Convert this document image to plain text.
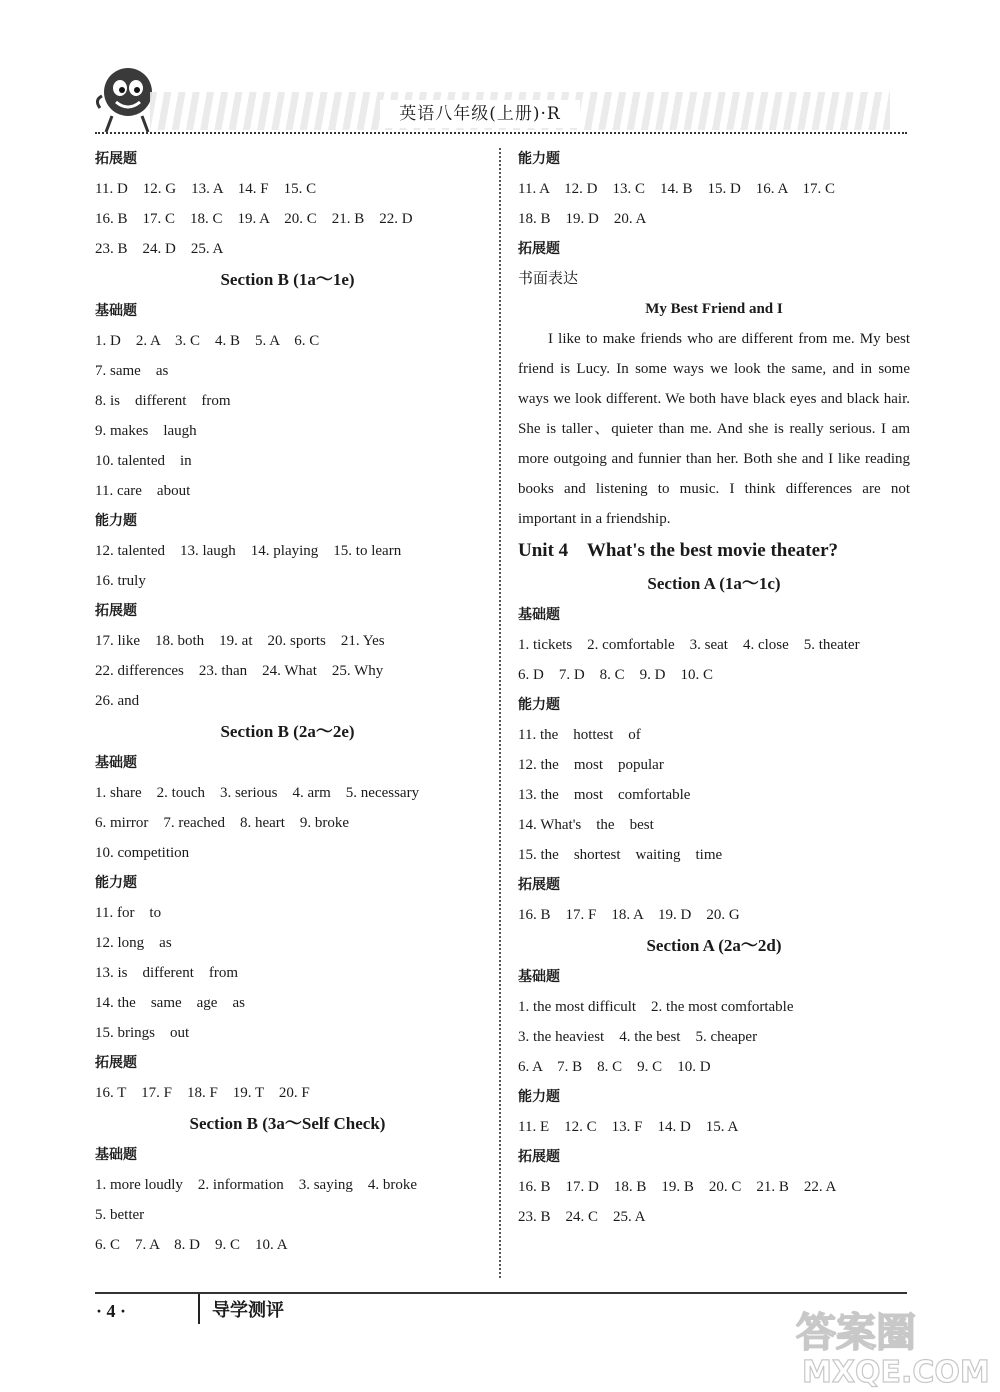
英语八年级(上册)·R
拓展题
11. D    12. G    13. A    14. F    15. C
16. B    17. C    18. C    19. A    20. C    21. B    22. D
23. B    24. D    25. A
Section B (1a～1e)
基础题
1. D    2. A    3. C    4. B    5. A    6. C
7. same    as
8. is    different    from
9. makes    laugh
10. talented    in
11. care    about
能力题
12. talented    13. laugh    14. playing    15. to learn
16. truly
拓展题
17. like    18. both    19. at    20. sports    21. Yes
22. differences    23. than    24. What    25. Why
26. and
Section B (2a～2e)
基础题
1. share    2. touch    3. serious    4. arm    5. necessary
6. mirror    7. reached    8. heart    9. broke
10. competition
能力题
11. for    to
12. long    as
13. is    different    from
14. the    same    age    as
15. brings    out
拓展题
16. T    17. F    18. F    19. T    20. F
Section B (3a～Self Check)
基础题
1. more loudly    2. information    3. saying    4. broke
5. better
6. C    7. A    8. D    9. C    10. A
能力题
11. A    12. D    13. C    14. B    15. D    16. A    17. C
18. B    19. D    20. A
拓展题
书面表达
My Best Friend and I

I like to make friends who are different from me. My best friend is Lucy. In some ways we look the same, and in some ways we look different. We both have black eyes and black hair. She is taller、quieter than me. And she is really serious. I am more outgoing and funnier than her. Both she and I like reading books and listening to music. I think differences are not important in a friendship.

Unit 4 What's the best movie theater?
Section A (1a～1c)
基础题
1. tickets    2. comfortable    3. seat    4. close    5. theater
6. D    7. D    8. C    9. D    10. C
能力题
11. the    hottest    of
12. the    most    popular
13. the    most    comfortable
14. What's    the    best
15. the    shortest    waiting    time
拓展题
16. B    17. F    18. A    19. D    20. G
Section A (2a～2d)
基础题
1. the most difficult    2. the most comfortable
3. the heaviest    4. the best    5. cheaper
6. A    7. B    8. C    9. C    10. D
能力题
11. E    12. C    13. F    14. D    15. A
拓展题
16. B    17. D    18. B    19. B    20. C    21. B    22. A
23. B    24. C    25. A
· 4 ·	导学测评	答案圈
MXQE.COM
